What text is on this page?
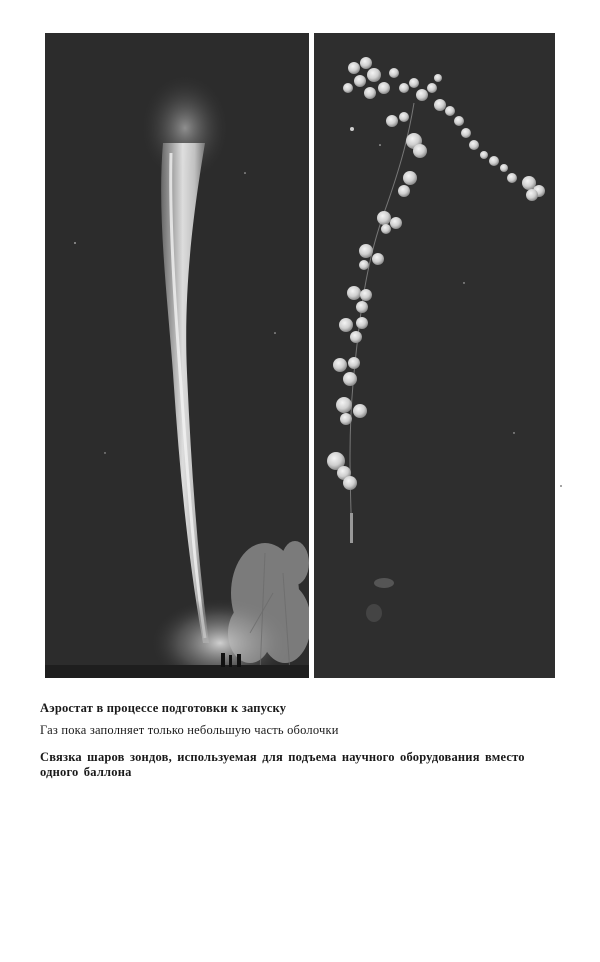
Аэростат в процессе подготовки к запуску
Газ пока заполняет только небольшую часть оболочки
Связка шаров зондов, используемая для подъема научного оборудования вместо одного баллона
